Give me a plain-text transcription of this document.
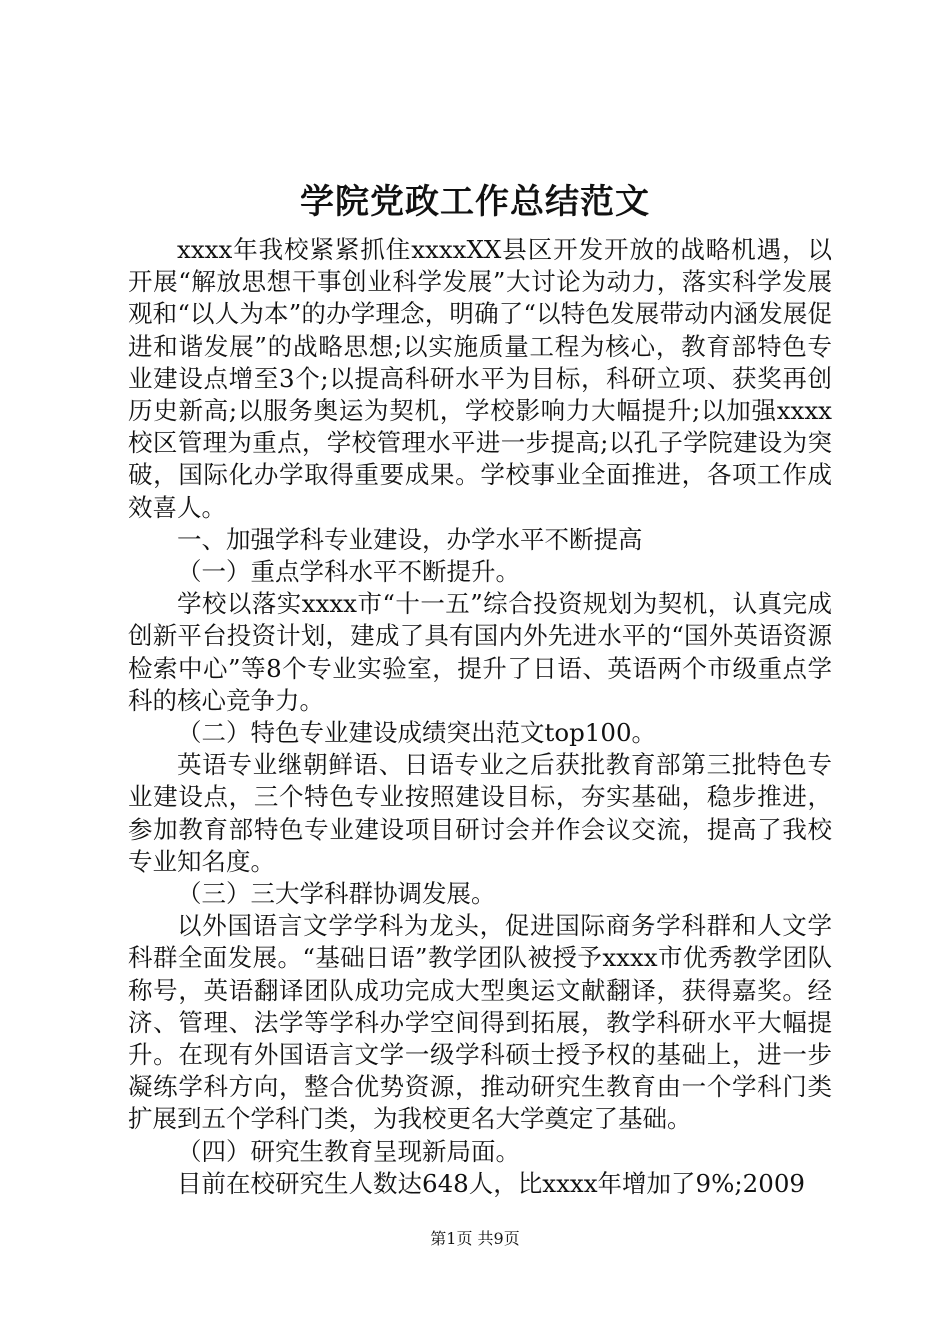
学院党政工作总结范文

xxxx年我校紧紧抓住xxxxXX县区开发开放的战略机遇，以开展“解放思想干事创业科学发展”大讨论为动力，落实科学发展观和“以人为本”的办学理念，明确了“以特色发展带动内涵发展促进和谐发展”的战略思想;以实施质量工程为核心，教育部特色专业建设点增至3个;以提高科研水平为目标，科研立项、获奖再创历史新高;以服务奥运为契机，学校影响力大幅提升;以加强xxxx校区管理为重点，学校管理水平进一步提高;以孔子学院建设为突破，国际化办学取得重要成果。学校事业全面推进，各项工作成效喜人。

一、加强学科专业建设，办学水平不断提高

（一）重点学科水平不断提升。

学校以落实xxxx市“十一五”综合投资规划为契机，认真完成创新平台投资计划，建成了具有国内外先进水平的“国外英语资源检索中心”等8个专业实验室，提升了日语、英语两个市级重点学科的核心竞争力。

（二）特色专业建设成绩突出范文top100。

英语专业继朝鲜语、日语专业之后获批教育部第三批特色专业建设点，三个特色专业按照建设目标，夯实基础，稳步推进，参加教育部特色专业建设项目研讨会并作会议交流，提高了我校专业知名度。

（三）三大学科群协调发展。

以外国语言文学学科为龙头，促进国际商务学科群和人文学科群全面发展。“基础日语”教学团队被授予xxxx市优秀教学团队称号，英语翻译团队成功完成大型奥运文献翻译，获得嘉奖。经济、管理、法学等学科办学空间得到拓展，教学科研水平大幅提升。在现有外国语言文学一级学科硕士授予权的基础上，进一步凝练学科方向，整合优势资源，推动研究生教育由一个学科门类扩展到五个学科门类，为我校更名大学奠定了基础。

（四）研究生教育呈现新局面。

目前在校研究生人数达648人，比xxxx年增加了9%;2009

第1页 共9页
